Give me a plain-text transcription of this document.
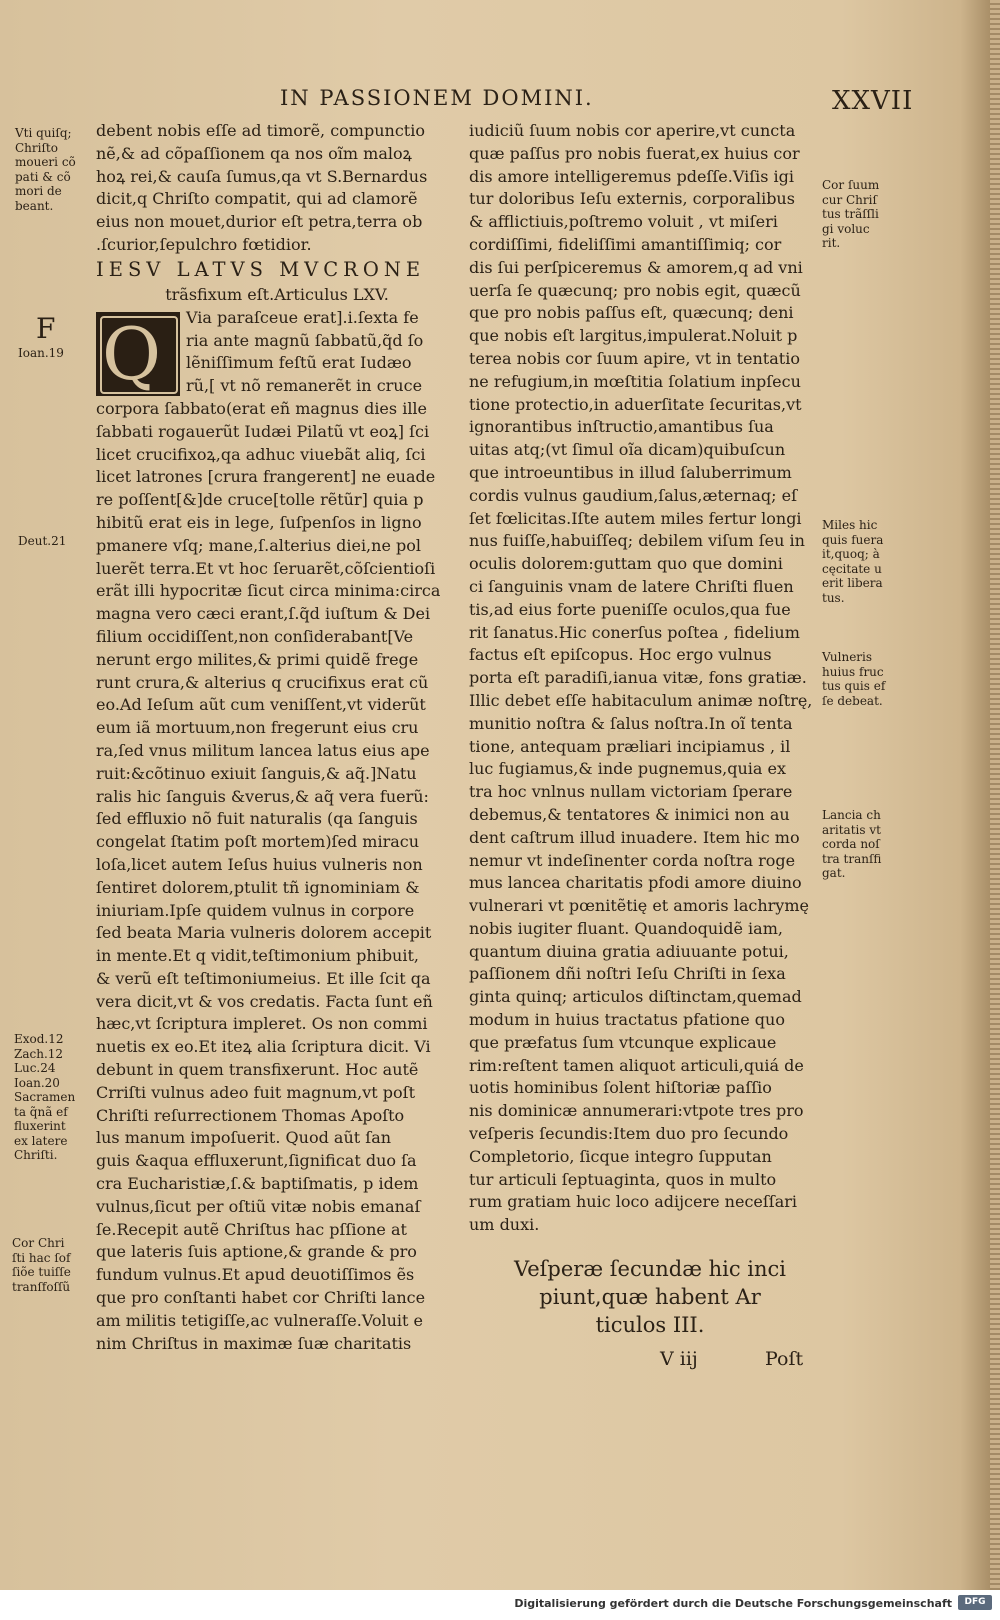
IN PASSIONEM DOMINI.	XXVII
Vti quiſq;
Chriſto
moueri cõ
pati & cõ
mori de
beant.
F
Ioan.19
Deut.21
Exod.12
Zach.12
Luc.24
Ioan.20
Sacramen
ta q̃nã ef
fluxerint
ex latere
Chriſti.
Cor Chri
ſti hac ſof
ſiõe tuiſſe
tranſfoſſũ
Cor ſuum
cur Chriſ
tus trãſſli
gi voluc
rit.
Miles hic
quis fuera
it,quoq; à
cęcitate u
erit libera
tus.
Vulneris
huius fruc
tus quis ef
ſe debeat.
Lancia ch
aritatis vt
corda noſ
tra tranſfi
gat.
debent nobis eſſe ad timorẽ, compunctio
nẽ,& ad cõpaſſionem qa nos oĩm maloꝝ
hoꝝ rei,& cauſa ſumus,qa vt S.Bernardus
dicit,q Chriſto compatit, qui ad clamorẽ
eius non mouet,durior eſt petra,terra ob
.ſcurior,ſepulchro fœtidior.
IESV LATVS MVCRONE
trãsfixum eſt.Articulus LXV.
Q	Via paraſceue erat].i.ſexta fe
ria ante magnũ ſabbatũ,q̃d ſo
lẽniſſimum feſtũ erat Iudæo
rũ,[ vt nõ remanerẽt in cruce
corpora ſabbato(erat eñ magnus dies ille
ſabbati rogauerũt Iudæi Pilatũ vt eoꝝ] ſci
licet crucifixoꝝ,qa adhuc viuebãt aliq, ſci
licet latrones [crura frangerent] ne euade
re poſſent[&]de cruce[tolle rẽtũr] quia p
hibitũ erat eis in lege, ſuſpenſos in ligno
pmanere vſq; mane,ſ.alterius diei,ne pol
luerẽt terra.Et vt hoc ſeruarẽt,cõſcientioſi
erãt illi hypocritæ ſicut circa minima:circa
magna vero cæci erant,ſ.q̃d iuſtum & Dei
filium occidiſſent,non conſiderabant[Ve
nerunt ergo milites,& primi quidẽ frege
runt crura,& alterius q crucifixus erat cũ
eo.Ad Ieſum aũt cum veniſſent,vt viderũt
eum iã mortuum,non fregerunt eius cru
ra,ſed vnus militum lancea latus eius ape
ruit:&cõtinuo exiuit ſanguis,& aq̃.]Natu
ralis hic ſanguis &verus,& aq̃ vera fuerũ:
ſed effluxio nõ fuit naturalis (qa ſanguis
congelat ſtatim poſt mortem)ſed miracu
loſa,licet autem Ieſus huius vulneris non
ſentiret dolorem,ptulit tñ ignominiam &
iniuriam.Ipſe quidem vulnus in corpore
ſed beata Maria vulneris dolorem accepit
in mente.Et q vidit,teſtimonium phibuit,
& verũ eſt teſtimoniumeius. Et ille ſcit qa
vera dicit,vt & vos credatis. Facta ſunt eñ
hæc,vt ſcriptura impleret. Os non commi
nuetis ex eo.Et iteꝝ alia ſcriptura dicit. Vi
debunt in quem transfixerunt. Hoc autẽ
Crriſti vulnus adeo fuit magnum,vt poſt
Chriſti reſurrectionem Thomas Apoſto
lus manum impoſuerit. Quod aũt ſan
guis &aqua effluxerunt,ſignificat duo ſa
cra Eucharistiæ,ſ.& baptiſmatis, p idem
vulnus,ſicut per oſtiũ vitæ nobis emanaſ
ſe.Recepit autẽ Chriſtus hac pſſione at
que lateris ſuis aptione,& grande & pro
fundum vulnus.Et apud deuotiſſimos ẽs
que pro conſtanti habet cor Chriſti lance
am militis tetigiſſe,ac vulneraſſe.Voluit e
nim Chriſtus in maximæ ſuæ charitatis
iudiciũ ſuum nobis cor aperire,vt cuncta
quæ paſſus pro nobis fuerat,ex huius cor
dis amore intelligeremus pdeſſe.Viſis igi
tur doloribus Ieſu externis, corporalibus
& afflictiuis,poſtremo voluit , vt miſeri
cordiſſimi, fideliſſimi amantiſſimiq; cor
dis ſui perſpiceremus & amorem,q ad vni
uerſa ſe quæcunq; pro nobis egit, quæcũ
que pro nobis paſſus eſt, quæcunq; deni
que nobis eſt largitus,impulerat.Noluit p
terea nobis cor ſuum apire, vt in tentatio
ne refugium,in mœſtitia ſolatium inpſecu
tione protectio,in aduerſitate ſecuritas,vt
ignorantibus inſtructio,amantibus ſua
uitas atq;(vt ſimul oĩa dicam)quibuſcun
que introeuntibus in illud ſaluberrimum
cordis vulnus gaudium,ſalus,æternaq; eſ
ſet fœlicitas.Iſte autem miles fertur longi
nus fuiſſe,habuiſſeq; debilem viſum ſeu in
oculis dolorem:guttam quo que domini
ci ſanguinis vnam de latere Chriſti fluen
tis,ad eius forte pueniſſe oculos,qua fue
rit ſanatus.Hic conerſus poſtea , fidelium
factus eſt epiſcopus. Hoc ergo vulnus
porta eſt paradiſi,ianua vitæ, fons gratiæ.
Illic debet eſſe habitaculum animæ noſtrę,
munitio noſtra & ſalus noſtra.In oĩ tenta
tione, antequam præliari incipiamus , il
luc fugiamus,& inde pugnemus,quia ex
tra hoc vnlnus nullam victoriam ſperare
debemus,& tentatores & inimici non au
dent caſtrum illud inuadere. Item hic mo
nemur vt indeſinenter corda noſtra roge
mus lancea charitatis pfodi amore diuino
vulnerari vt pœnitẽtię et amoris lachrymę
nobis iugiter fluant. Quandoquidẽ iam,
quantum diuina gratia adiuuante potui,
paſſionem dñi noſtri Ieſu Chriſti in ſexa
ginta quinq; articulos diſtinctam,quemad
modum in huius tractatus pfatione quo
que præfatus ſum vtcunque explicaue
rim:reſtent tamen aliquot articuli,quiá de
uotis hominibus ſolent hiſtoriæ paſſio
nis dominicæ annumerari:vtpote tres pro
veſperis ſecundis:Item duo pro ſecundo
Completorio, ſicque integro ſupputan
tur articuli ſeptuaginta, quos in multo
rum gratiam huic loco adijcere neceſſari
um duxi.
Veſperæ ſecundæ hic inci
piunt,quæ habent Ar
ticulos III.
V iij	Poſt
Digitalisierung gefördert durch die Deutsche Forschungsgemeinschaft	DFG
